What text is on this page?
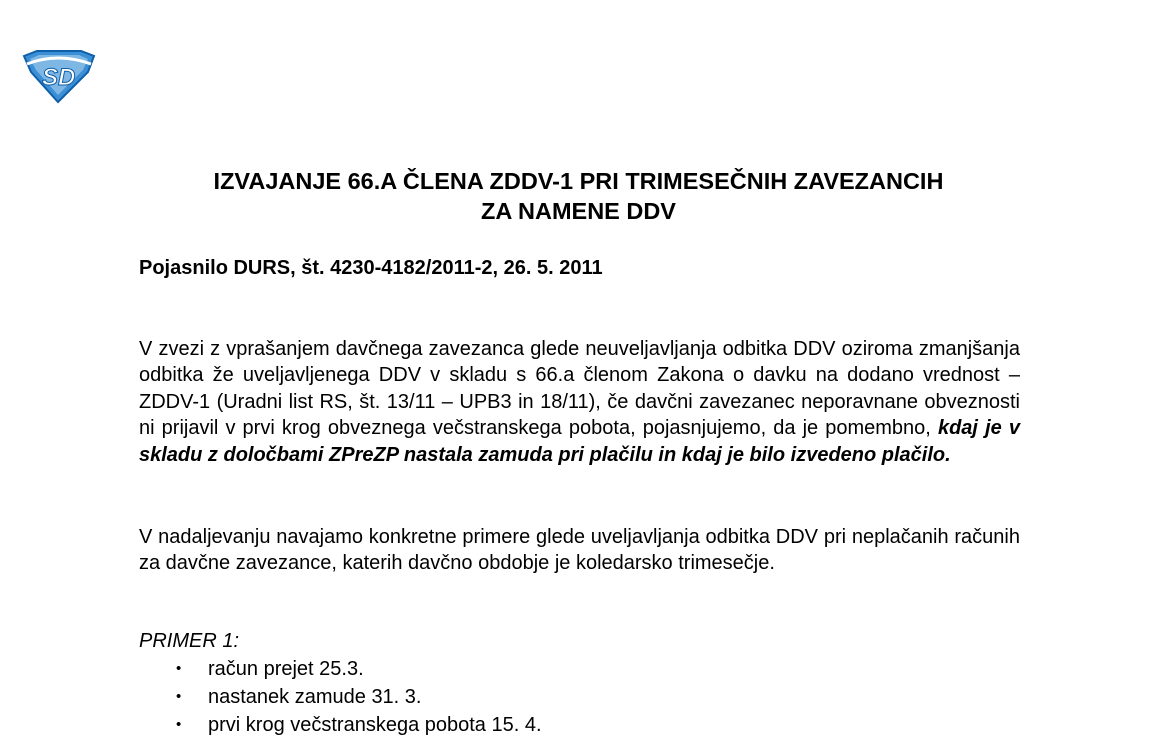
S D
IZVAJANJE 66.A ČLENA ZDDV-1 PRI TRIMESEČNIH ZAVEZANCIH
ZA NAMENE DDV
Pojasnilo DURS, št. 4230-4182/2011-2, 26. 5. 2011
V zvezi z vprašanjem davčnega zavezanca glede neuveljavljanja odbitka DDV oziroma zmanjšanja odbitka že uveljavljenega DDV v skladu s 66.a členom Zakona o davku na dodano vrednost – ZDDV-1 (Uradni list RS, št. 13/11 – UPB3 in 18/11), če davčni zavezanec neporavnane obveznosti ni prijavil v prvi krog obveznega večstranskega pobota, pojasnjujemo, da je pomembno, kdaj je v skladu z določbami ZPreZP nastala zamuda pri plačilu in kdaj je bilo izvedeno plačilo.
V nadaljevanju navajamo konkretne primere glede uveljavljanja odbitka DDV pri neplačanih računih za davčne zavezance, katerih davčno obdobje je koledarsko trimesečje.
PRIMER 1:
• račun prejet 25.3.
• nastanek zamude 31. 3.
• prvi krog večstranskega pobota 15. 4.
